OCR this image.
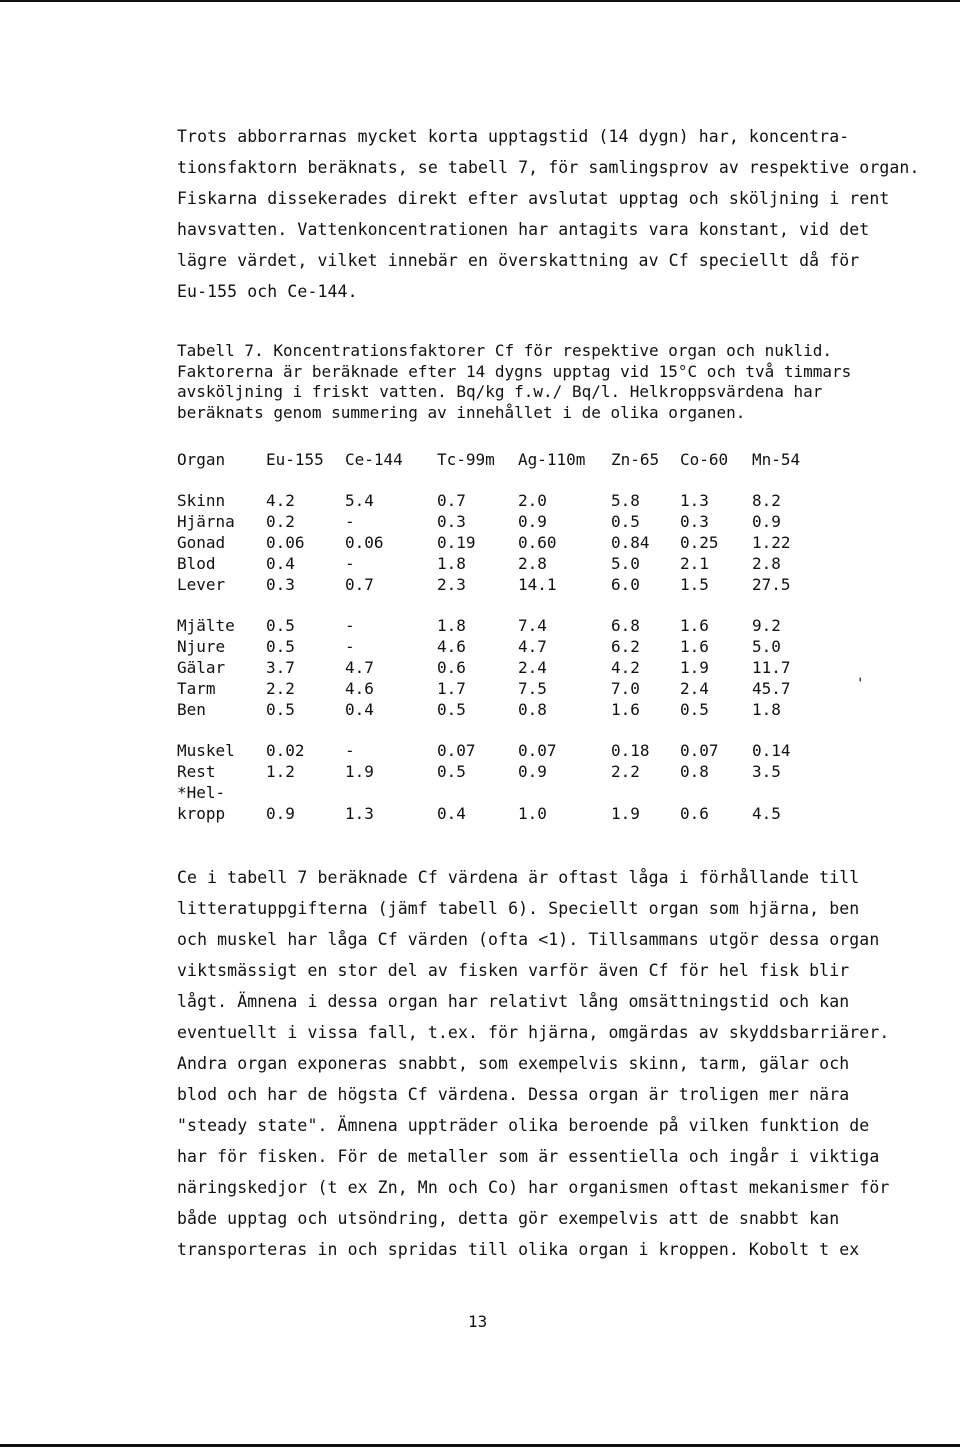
Trots abborrarnas mycket korta upptagstid (14 dygn) har, koncentra-
tionsfaktorn beräknats, se tabell 7, för samlingsprov av respektive organ.
Fiskarna dissekerades direkt efter avslutat upptag och sköljning i rent
havsvatten. Vattenkoncentrationen har antagits vara konstant, vid det
lägre värdet, vilket innebär en överskattning av Cf speciellt då för
Eu-155 och Ce-144.
Tabell 7. Koncentrationsfaktorer Cf för respektive organ och nuklid.
Faktorerna är beräknade efter 14 dygns upptag vid 15°C och två timmars
avsköljning i friskt vatten. Bq/kg f.w./ Bq/l. Helkroppsvärdena har
beräknats genom summering av innehållet i de olika organen.
Organ	Eu-155 Ce-144 Tc-99m Ag-110m Zn-65 Co-60 Mn-54
Skinn	4.2	5.4	0.7	2.0	5.8	1.3	8.2
Hjärna 0.2	-	0.3	0.9	0.5	0.3	0.9
Gonad	0.06	0.06	0.19	0.60	0.84 0.25 1.22
Blod	0.4	-	1.8	2.8	5.0	2.1	2.8
Lever	0.3	0.7	2.3	14.1	6.0	1.5	27.5
Mjälte 0.5	-	1.8	7.4	6.8	1.6	9.2
Njure	0.5	-	4.6	4.7	6.2	1.6	5.0
Gälar	3.7	4.7	0.6	2.4	4.2	1.9	11.7
Tarm	2.2	4.6	1.7	7.5	7.0	2.4	45.7
Ben	0.5	0.4	0.5	0.8	1.6	0.5	1.8
Muskel 0.02	-	0.07	0.07	0.18 0.07 0.14
Rest	1.2	1.9	0.5	0.9	2.2	0.8	3.5
*Hel-
kropp	0.9	1.3	0.4	1.0	1.9	0.6	4.5
'
Ce i tabell 7 beräknade Cf värdena är oftast låga i förhållande till
litteratuppgifterna (jämf tabell 6). Speciellt organ som hjärna, ben
och muskel har låga Cf värden (ofta <1). Tillsammans utgör dessa organ
viktsmässigt en stor del av fisken varför även Cf för hel fisk blir
lågt. Ämnena i dessa organ har relativt lång omsättningstid och kan
eventuellt i vissa fall, t.ex. för hjärna, omgärdas av skyddsbarriärer.
Andra organ exponeras snabbt, som exempelvis skinn, tarm, gälar och
blod och har de högsta Cf värdena. Dessa organ är troligen mer nära
"steady state". Ämnena uppträder olika beroende på vilken funktion de
har för fisken. För de metaller som är essentiella och ingår i viktiga
näringskedjor (t ex Zn, Mn och Co) har organismen oftast mekanismer för
både upptag och utsöndring, detta gör exempelvis att de snabbt kan
transporteras in och spridas till olika organ i kroppen. Kobolt t ex
13
